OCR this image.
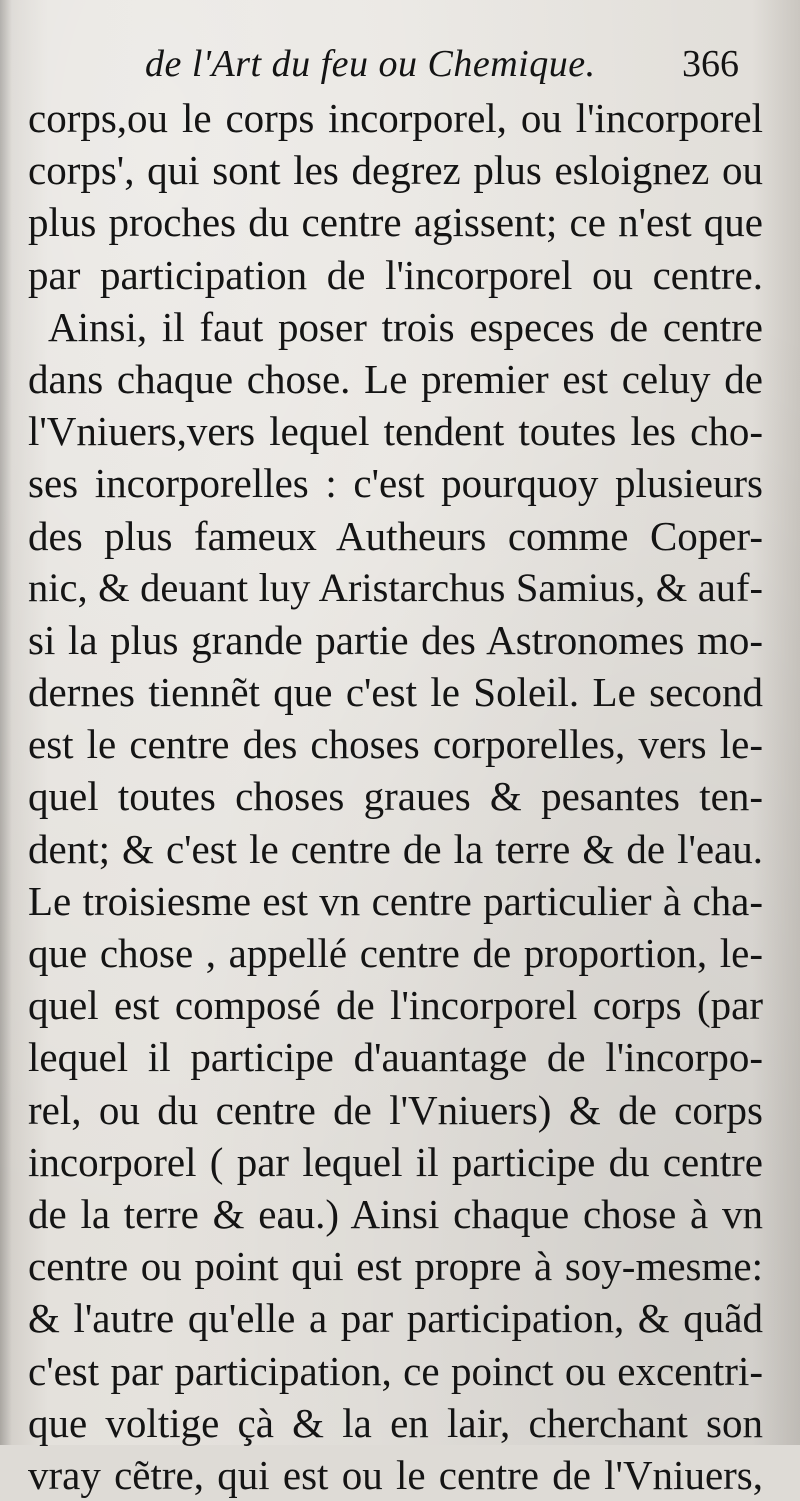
de l'Art du feu ou Chemique. 366
corps,ou le corps incorporel, ou l'incorporel
corps', qui sont les degrez plus esloignez ou
plus proches du centre agissent; ce n'est que
par participation de l'incorporel ou centre.
Ainsi, il faut poser trois especes de centre
dans chaque chose. Le premier est celuy de
l'Vniuers,vers lequel tendent toutes les cho-
ses incorporelles : c'est pourquoy plusieurs
des plus fameux Autheurs comme Coper-
nic, & deuant luy Aristarchus Samius, & auf-
si la plus grande partie des Astronomes mo-
dernes tiennẽt que c'est le Soleil. Le second
est le centre des choses corporelles, vers le-
quel toutes choses graues & pesantes ten-
dent; & c'est le centre de la terre & de l'eau.
Le troisiesme est vn centre particulier à cha-
que chose , appellé centre de proportion, le-
quel est composé de l'incorporel corps (par
lequel il participe d'auantage de l'incorpo-
rel, ou du centre de l'Vniuers) & de corps
incorporel ( par lequel il participe du centre
de la terre & eau.) Ainsi chaque chose à vn
centre ou point qui est propre à soy-mesme:
& l'autre qu'elle a par participation, & quãd
c'est par participation, ce poinct ou excentri-
que voltige çà & la en lair, cherchant son
vray cẽtre, qui est ou le centre de l'Vniuers,
